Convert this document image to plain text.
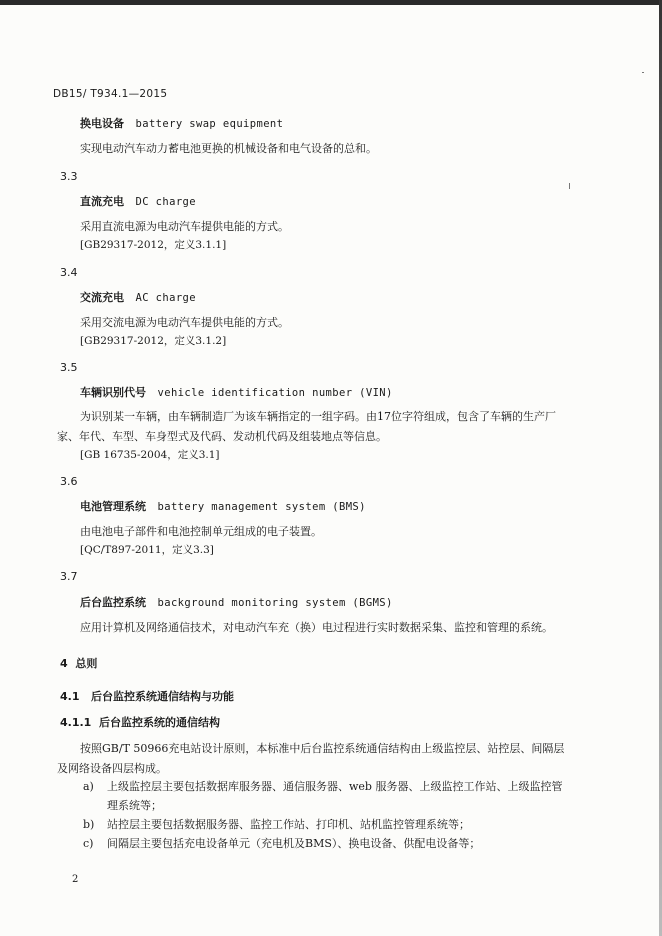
DB15/ T934.1—2015
换电设备 battery swap equipment
实现电动汽车动力蓄电池更换的机械设备和电气设备的总和。
3.3
直流充电 DC charge
采用直流电源为电动汽车提供电能的方式。
[GB29317-2012，定义3.1.1]
3.4
交流充电 AC charge
采用交流电源为电动汽车提供电能的方式。
[GB29317-2012，定义3.1.2]
3.5
车辆识别代号 vehicle identification number (VIN)
为识别某一车辆，由车辆制造厂为该车辆指定的一组字码。由17位字符组成，包含了车辆的生产厂
家、年代、车型、车身型式及代码、发动机代码及组装地点等信息。
[GB 16735-2004，定义3.1]
3.6
电池管理系统 battery management system (BMS)
由电池电子部件和电池控制单元组成的电子装置。
[QC/T897-2011，定义3.3]
3.7
后台监控系统 background monitoring system (BGMS)
应用计算机及网络通信技术，对电动汽车充（换）电过程进行实时数据采集、监控和管理的系统。
4 总则
4.1 后台监控系统通信结构与功能
4.1.1 后台监控系统的通信结构
按照GB/T 50966充电站设计原则，本标准中后台监控系统通信结构由上级监控层、站控层、间隔层
及网络设备四层构成。
a) 上级监控层主要包括数据库服务器、通信服务器、web 服务器、上级监控工作站、上级监控管
理系统等；
b) 站控层主要包括数据服务器、监控工作站、打印机、站机监控管理系统等；
c) 间隔层主要包括充电设备单元（充电机及BMS）、换电设备、供配电设备等；
2
